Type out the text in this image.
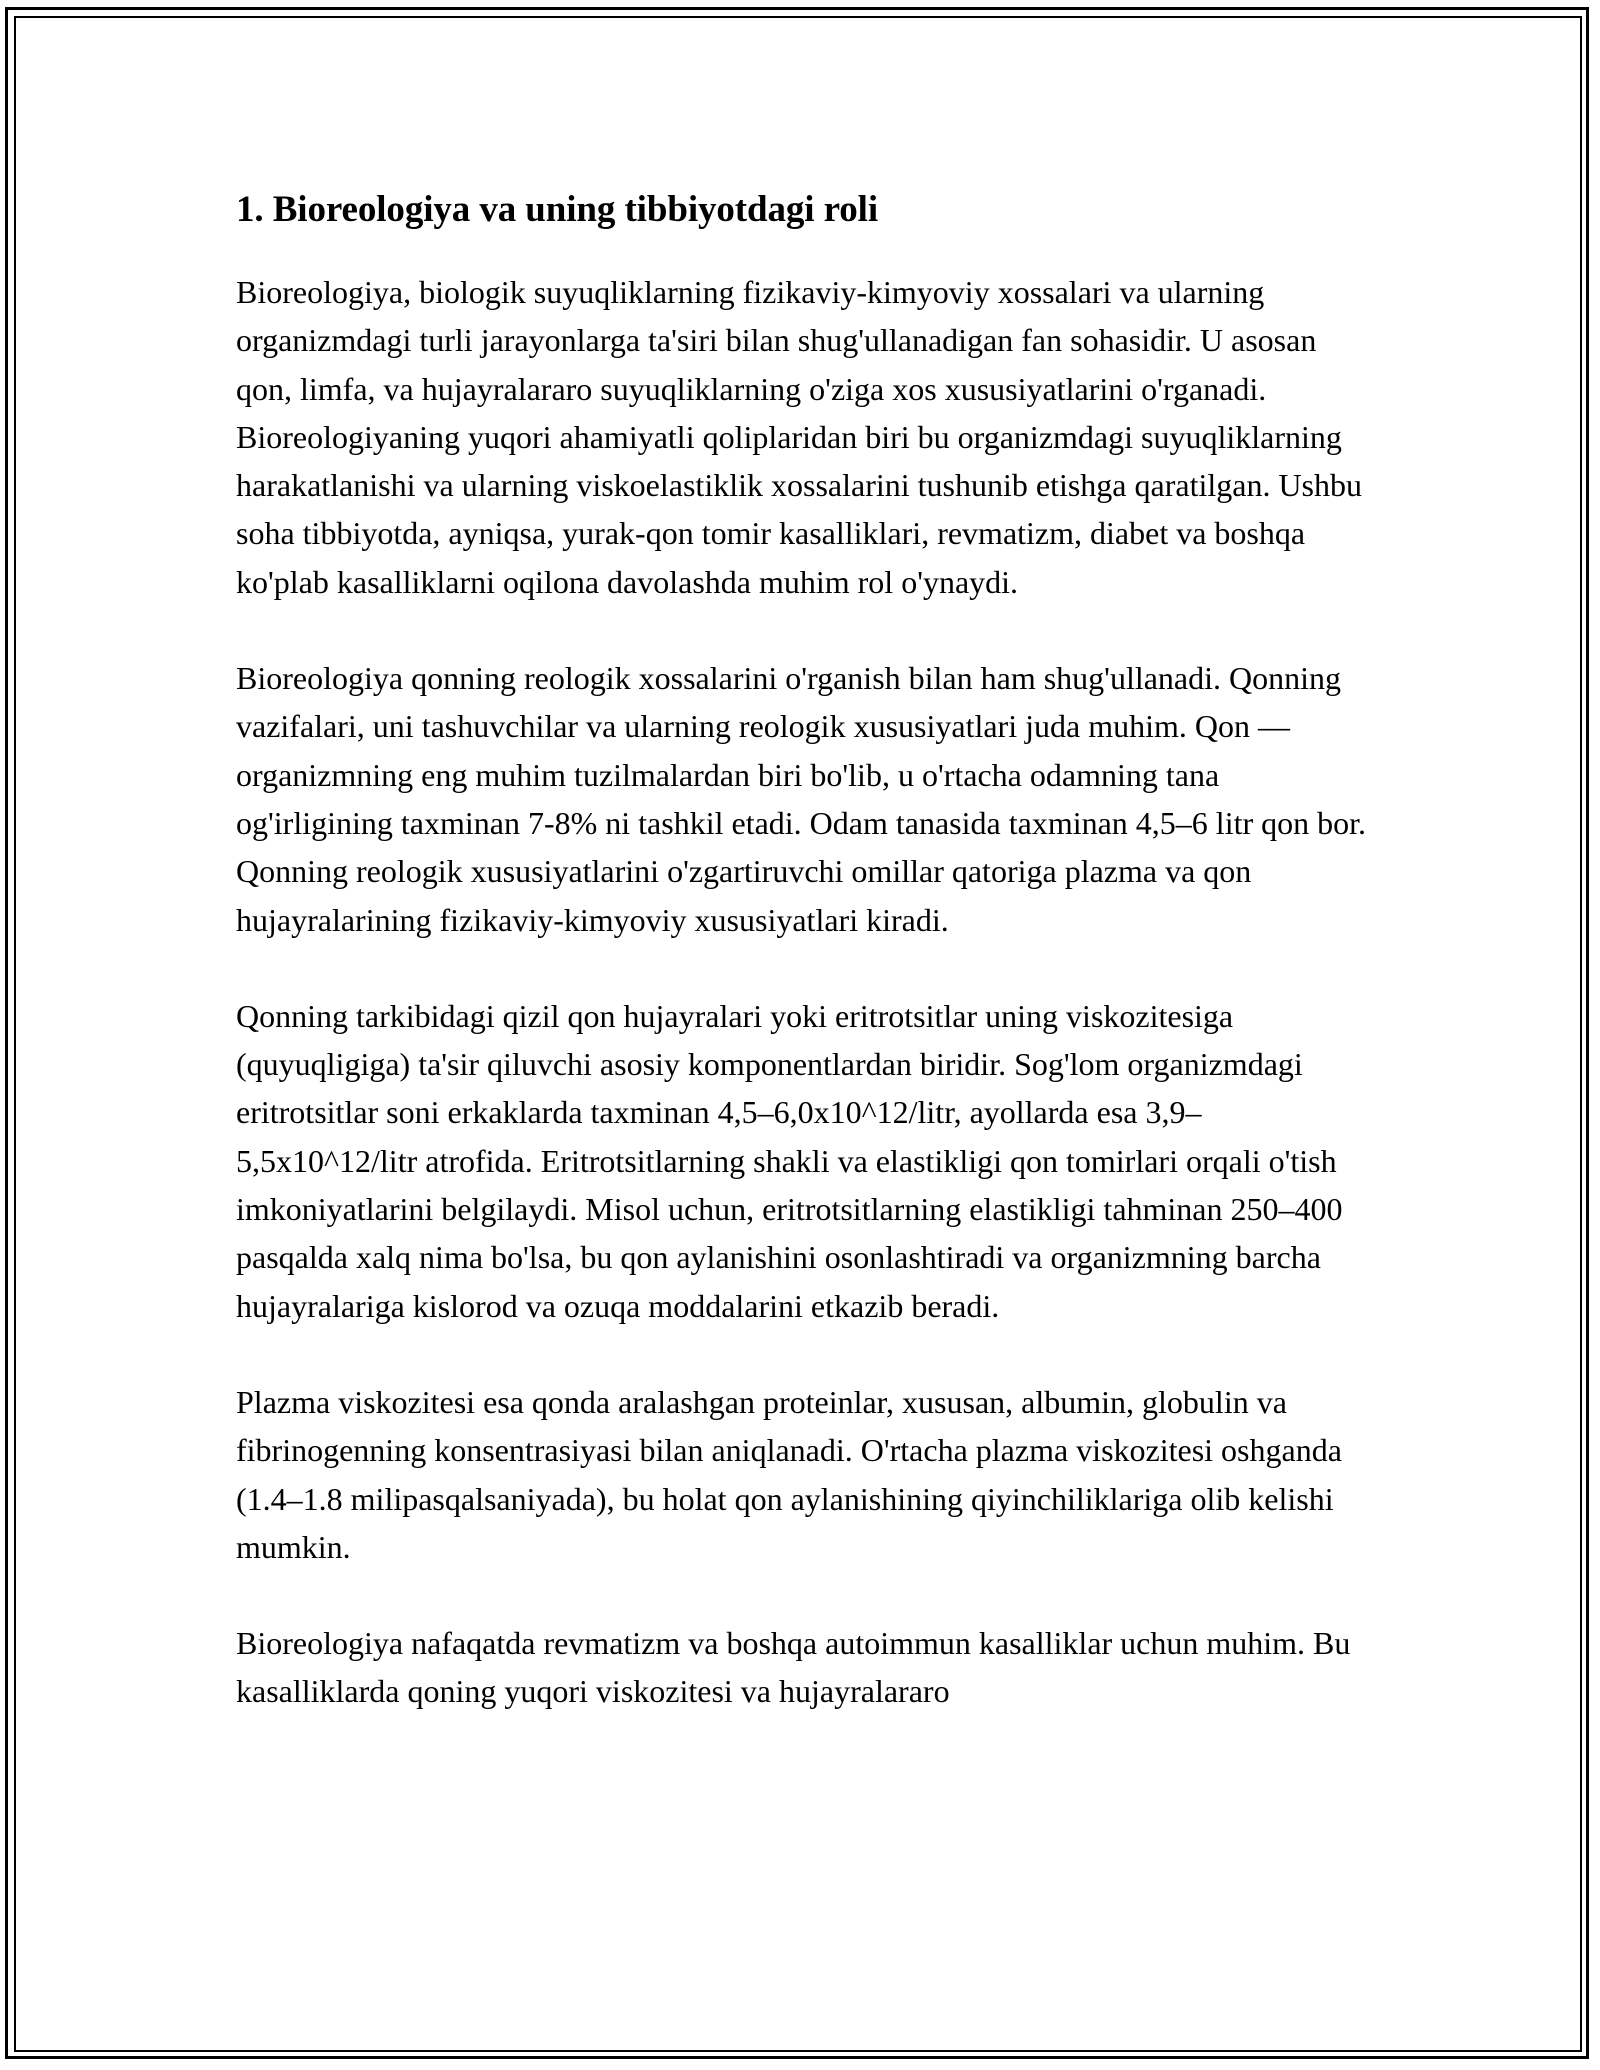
1. Bioreologiya va uning tibbiyotdagi roli

Bioreologiya, biologik suyuqliklarning fizikaviy-kimyoviy xossalari va ularning organizmdagi turli jarayonlarga ta'siri bilan shug'ullanadigan fan sohasidir. U asosan qon, limfa, va hujayralararo suyuqliklarning o'ziga xos xususiyatlarini o'rganadi. Bioreologiyaning yuqori ahamiyatli qoliplaridan biri bu organizmdagi suyuqliklarning harakatlanishi va ularning viskoelastiklik xossalarini tushunib etishga qaratilgan. Ushbu soha tibbiyotda, ayniqsa, yurak-qon tomir kasalliklari, revmatizm, diabet va boshqa ko'plab kasalliklarni oqilona davolashda muhim rol o'ynaydi.

Bioreologiya qonning reologik xossalarini o'rganish bilan ham shug'ullanadi. Qonning vazifalari, uni tashuvchilar va ularning reologik xususiyatlari juda muhim. Qon — organizmning eng muhim tuzilmalardan biri bo'lib, u o'rtacha odamning tana og'irligining taxminan 7-8% ni tashkil etadi. Odam tanasida taxminan 4,5–6 litr qon bor. Qonning reologik xususiyatlarini o'zgartiruvchi omillar qatoriga plazma va qon hujayralarining fizikaviy-kimyoviy xususiyatlari kiradi.

Qonning tarkibidagi qizil qon hujayralari yoki eritrotsitlar uning viskozitesiga (quyuqligiga) ta'sir qiluvchi asosiy komponentlardan biridir. Sog'lom organizmdagi eritrotsitlar soni erkaklarda taxminan 4,5–6,0x10^12/litr, ayollarda esa 3,9–5,5x10^12/litr atrofida. Eritrotsitlarning shakli va elastikligi qon tomirlari orqali o'tish imkoniyatlarini belgilaydi. Misol uchun, eritrotsitlarning elastikligi tahminan 250–400 pasqalda xalq nima bo'lsa, bu qon aylanishini osonlashtiradi va organizmning barcha hujayralariga kislorod va ozuqa moddalarini etkazib beradi.

Plazma viskozitesi esa qonda aralashgan proteinlar, xususan, albumin, globulin va fibrinogenning konsentrasiyasi bilan aniqlanadi. O'rtacha plazma viskozitesi oshganda (1.4–1.8 milipasqalsaniyada), bu holat qon aylanishining qiyinchiliklariga olib kelishi mumkin.

Bioreologiya nafaqatda revmatizm va boshqa autoimmun kasalliklar uchun muhim. Bu kasalliklarda qoning yuqori viskozitesi va hujayralararo
